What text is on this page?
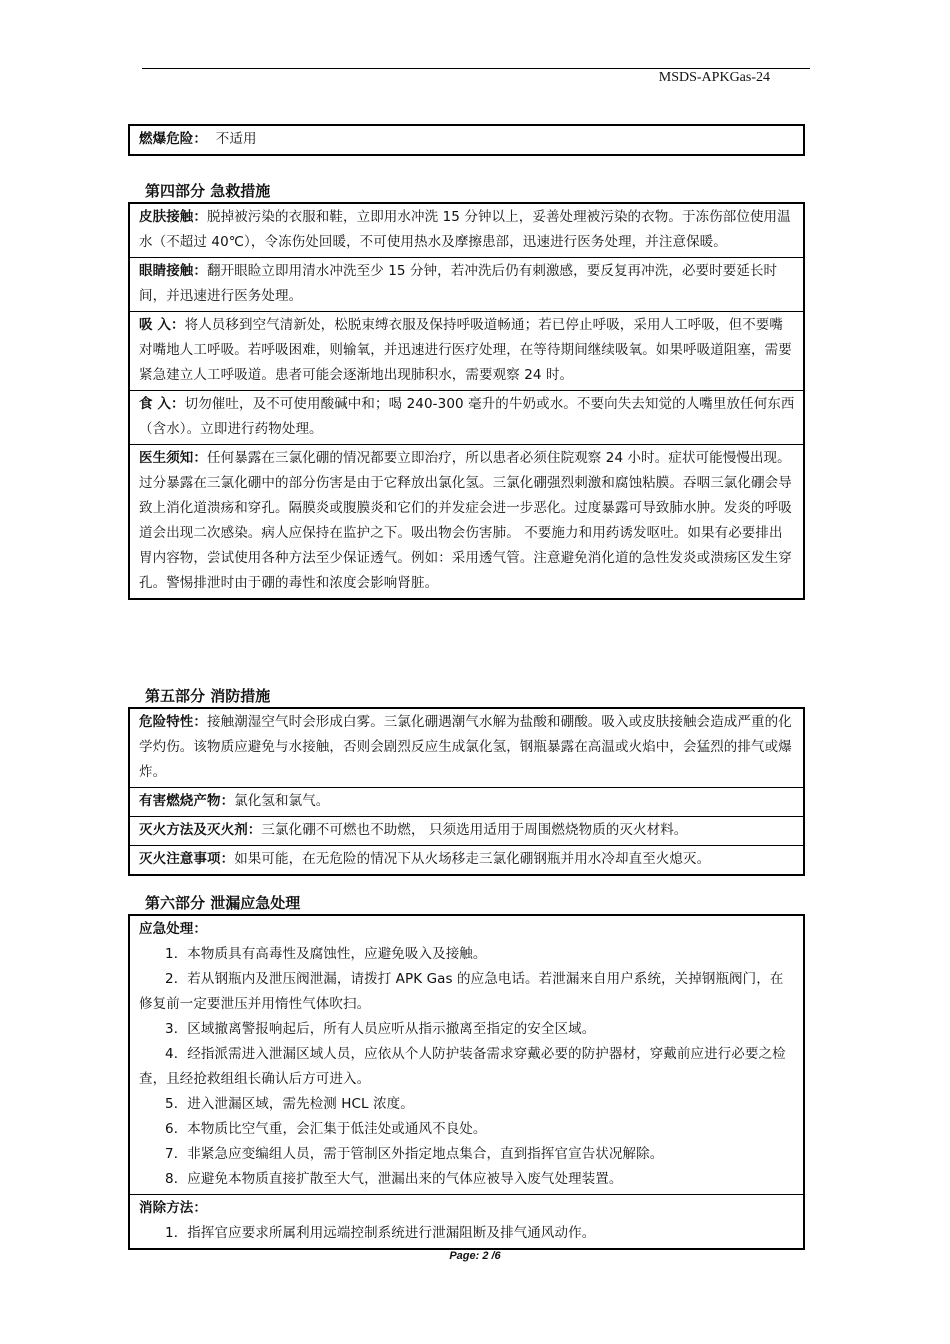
MSDS-APKGas-24
燃爆危险： 不适用
第四部分 急救措施
皮肤接触：脱掉被污染的衣服和鞋，立即用水冲洗 15 分钟以上，妥善处理被污染的衣物。于冻伤部位使用温水（不超过 40℃），令冻伤处回暖，不可使用热水及摩擦患部，迅速进行医务处理，并注意保暖。
眼睛接触：翻开眼睑立即用清水冲洗至少 15 分钟，若冲洗后仍有刺激感，要反复再冲洗，必要时要延长时间，并迅速进行医务处理。
吸 入：将人员移到空气清新处，松脱束缚衣服及保持呼吸道畅通；若已停止呼吸，采用人工呼吸，但不要嘴对嘴地人工呼吸。若呼吸困难，则输氧，并迅速进行医疗处理，在等待期间继续吸氧。如果呼吸道阻塞，需要紧急建立人工呼吸道。患者可能会逐渐地出现肺积水，需要观察 24 时。
食 入：切勿催吐，及不可使用酸碱中和；喝 240-300 毫升的牛奶或水。不要向失去知觉的人嘴里放任何东西（含水）。立即进行药物处理。
医生须知：任何暴露在三氯化硼的情况都要立即治疗，所以患者必须住院观察 24 小时。症状可能慢慢出现。过分暴露在三氯化硼中的部分伤害是由于它释放出氯化氢。三氯化硼强烈刺激和腐蚀粘膜。吞咽三氯化硼会导致上消化道溃疡和穿孔。隔膜炎或腹膜炎和它们的并发症会进一步恶化。过度暴露可导致肺水肿。发炎的呼吸道会出现二次感染。病人应保持在监护之下。吸出物会伤害肺。 不要施力和用药诱发呕吐。如果有必要排出胃内容物，尝试使用各种方法至少保证透气。例如：采用透气管。注意避免消化道的急性发炎或溃疡区发生穿孔。警惕排泄时由于硼的毒性和浓度会影响肾脏。
第五部分 消防措施
危险特性：接触潮湿空气时会形成白雾。三氯化硼遇潮气水解为盐酸和硼酸。吸入或皮肤接触会造成严重的化学灼伤。该物质应避免与水接触，否则会剧烈反应生成氯化氢，钢瓶暴露在高温或火焰中，会猛烈的排气或爆炸。
有害燃烧产物：氯化氢和氯气。
灭火方法及灭火剂：三氯化硼不可燃也不助燃， 只须选用适用于周围燃烧物质的灭火材料。
灭火注意事项：如果可能，在无危险的情况下从火场移走三氯化硼钢瓶并用水冷却直至火熄灭。
第六部分 泄漏应急处理
应急处理：

1．本物质具有高毒性及腐蚀性，应避免吸入及接触。

2．若从钢瓶内及泄压阀泄漏，请拨打 APK Gas 的应急电话。若泄漏来自用户系统，关掉钢瓶阀门，在修复前一定要泄压并用惰性气体吹扫。

3．区域撤离警报响起后，所有人员应听从指示撤离至指定的安全区域。

4．经指派需进入泄漏区域人员，应依从个人防护装备需求穿戴必要的防护器材，穿戴前应进行必要之检查，且经抢救组组长确认后方可进入。

5．进入泄漏区域，需先检测 HCL 浓度。

6．本物质比空气重，会汇集于低洼处或通风不良处。

7．非紧急应变编组人员，需于管制区外指定地点集合，直到指挥官宣告状况解除。

8．应避免本物质直接扩散至大气，泄漏出来的气体应被导入废气处理装置。

消除方法：

1．指挥官应要求所属利用远端控制系统进行泄漏阻断及排气通风动作。

Page: 2 /6
